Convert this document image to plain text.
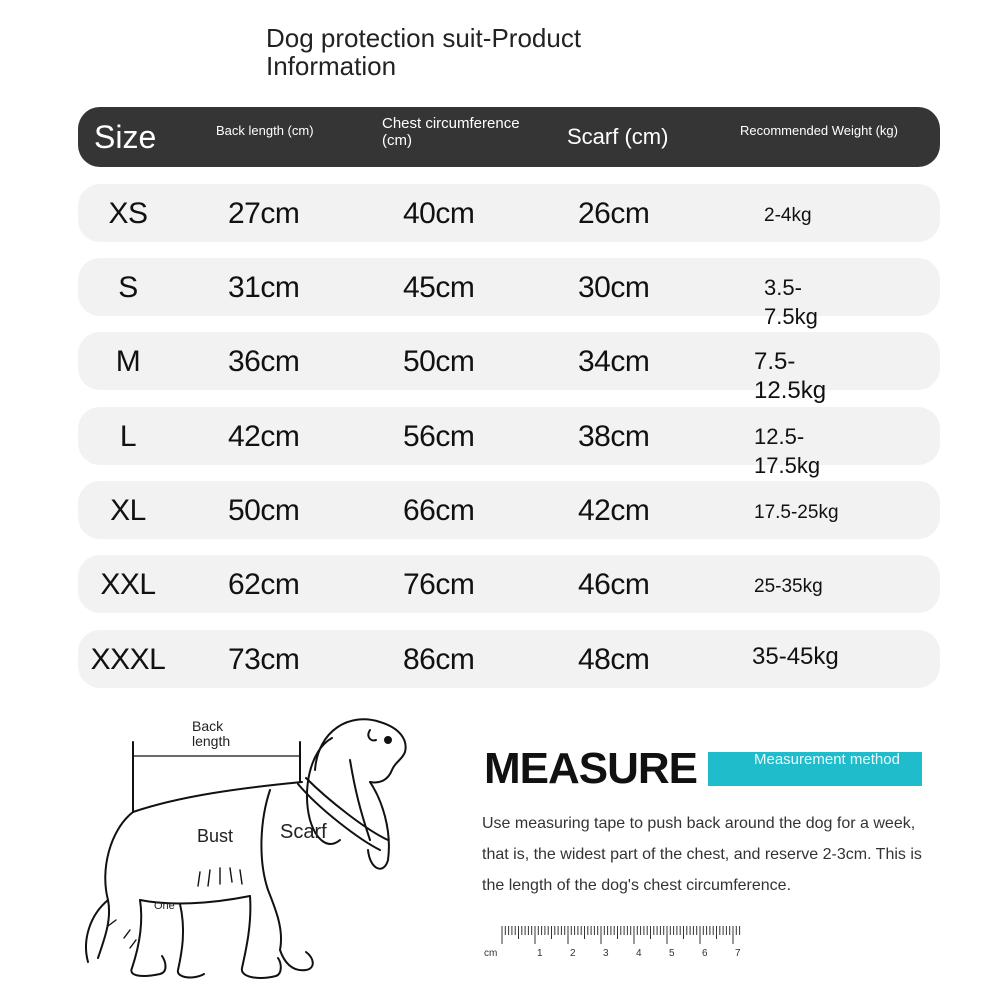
Dog protection suit-Product Information
Size	Back length (cm)	Chest circumference (cm)	Scarf (cm)	Recommended Weight (kg)
XS	27cm	40cm	26cm	2-4kg
S	31cm	45cm	30cm	3.5-7.5kg
M	36cm	50cm	34cm	7.5-12.5kg
L	42cm	56cm	38cm	12.5-17.5kg
XL	50cm	66cm	42cm	17.5-25kg
XXL	62cm	76cm	46cm	25-35kg
XXXL	73cm	86cm	48cm	35-45kg
Back length
Bust Scarf
One
MEASURE	Measurement method
Use measuring tape to push back around the dog for a week, that is, the widest part of the chest, and reserve 2-3cm. This is the length of the dog's chest circumference.
cm	1	2	3	4	5	6	7
